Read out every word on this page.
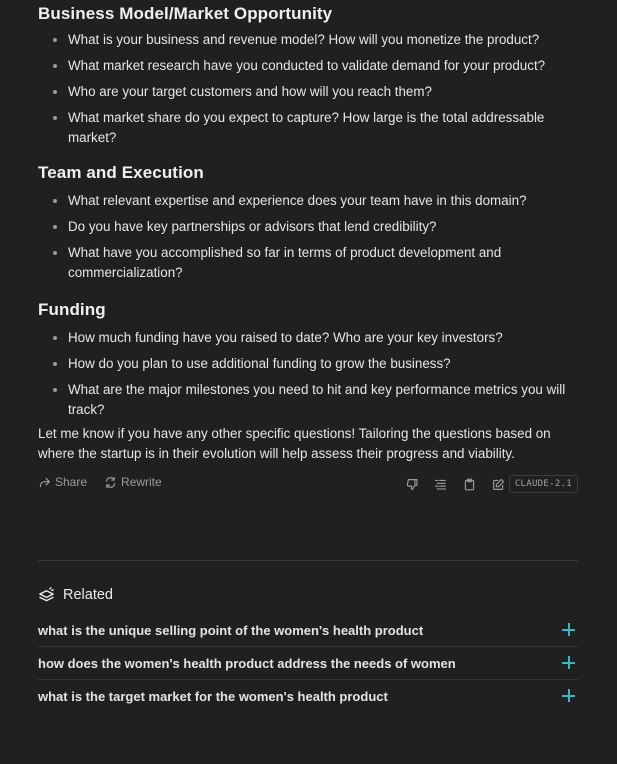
Business Model/Market Opportunity
What is your business and revenue model? How will you monetize the product?
What market research have you conducted to validate demand for your product?
Who are your target customers and how will you reach them?
What market share do you expect to capture? How large is the total addressable market?
Team and Execution
What relevant expertise and experience does your team have in this domain?
Do you have key partnerships or advisors that lend credibility?
What have you accomplished so far in terms of product development and commercialization?
Funding
How much funding have you raised to date? Who are your key investors?
How do you plan to use additional funding to grow the business?
What are the major milestones you need to hit and key performance metrics you will track?

Let me know if you have any other specific questions! Tailoring the questions based on where the startup is in their evolution will help assess their progress and viability.

Share	Rewrite	CLAUDE-2.1
Related
what is the unique selling point of the women's health product
how does the women's health product address the needs of women
what is the target market for the women's health product
